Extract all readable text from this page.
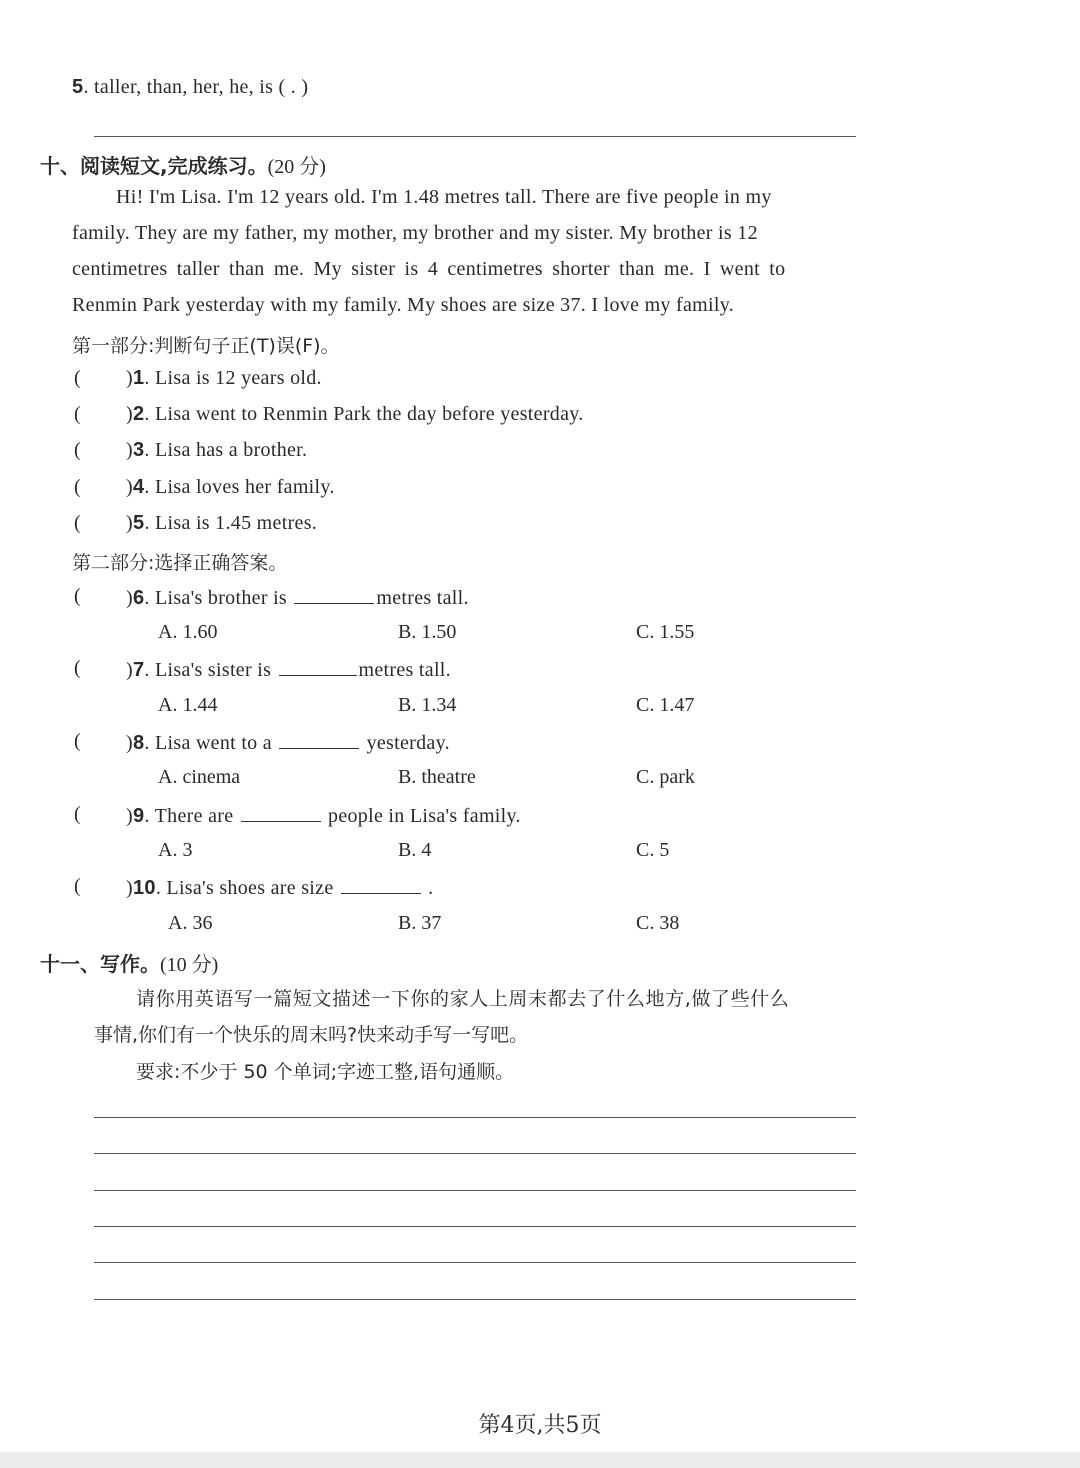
5. taller, than, her, he, is ( . )
十、阅读短文,完成练习。(20 分)
Hi! I'm Lisa. I'm 12 years old. I'm 1.48 metres tall. There are five people in my
family. They are my father, my mother, my brother and my sister. My brother is 12
centimetres taller than me. My sister is 4 centimetres shorter than me. I went to
Renmin Park yesterday with my family. My shoes are size 37. I love my family.
第一部分:判断句子正(T)误(F)。
( )1. Lisa is 12 years old.
( )2. Lisa went to Renmin Park the day before yesterday.
( )3. Lisa has a brother.
( )4. Lisa loves her family.
( )5. Lisa is 1.45 metres.
第二部分:选择正确答案。
( )6. Lisa's brother is	metres tall.
A. 1.60	B. 1.50	C. 1.55
( )7. Lisa's sister is	metres tall.
A. 1.44	B. 1.34	C. 1.47
( )8. Lisa went to a	yesterday.
A. cinema	B. theatre	C. park
( )9. There are	people in Lisa's family.
A. 3	B. 4	C. 5
( )10. Lisa's shoes are size	.
A. 36	B. 37	C. 38
十一、写作。(10 分)
请你用英语写一篇短文描述一下你的家人上周末都去了什么地方,做了些什么
事情,你们有一个快乐的周末吗?快来动手写一写吧。
要求:不少于 50 个单词;字迹工整,语句通顺。
第4页,共5页
